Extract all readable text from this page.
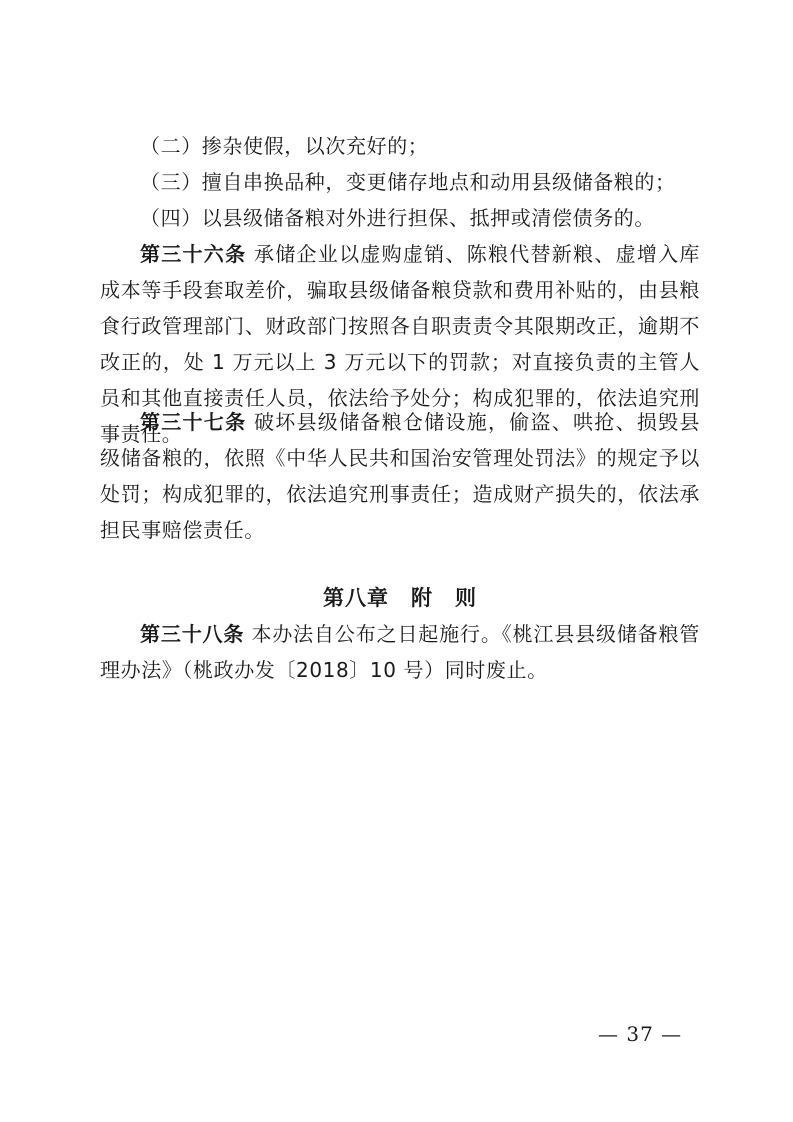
（二）掺杂使假，以次充好的；

（三）擅自串换品种，变更储存地点和动用县级储备粮的；

（四）以县级储备粮对外进行担保、抵押或清偿债务的。

第三十六条 承储企业以虚购虚销、陈粮代替新粮、虚增入库成本等手段套取差价，骗取县级储备粮贷款和费用补贴的，由县粮食行政管理部门、财政部门按照各自职责责令其限期改正，逾期不改正的，处 1 万元以上 3 万元以下的罚款；对直接负责的主管人员和其他直接责任人员，依法给予处分；构成犯罪的，依法追究刑事责任。

第三十七条 破坏县级储备粮仓储设施，偷盗、哄抢、损毁县级储备粮的，依照《中华人民共和国治安管理处罚法》的规定予以处罚；构成犯罪的，依法追究刑事责任；造成财产损失的，依法承担民事赔偿责任。

第八章　附　则

第三十八条 本办法自公布之日起施行。《桃江县县级储备粮管理办法》（桃政办发〔2018〕10 号）同时废止。

— 37 —
